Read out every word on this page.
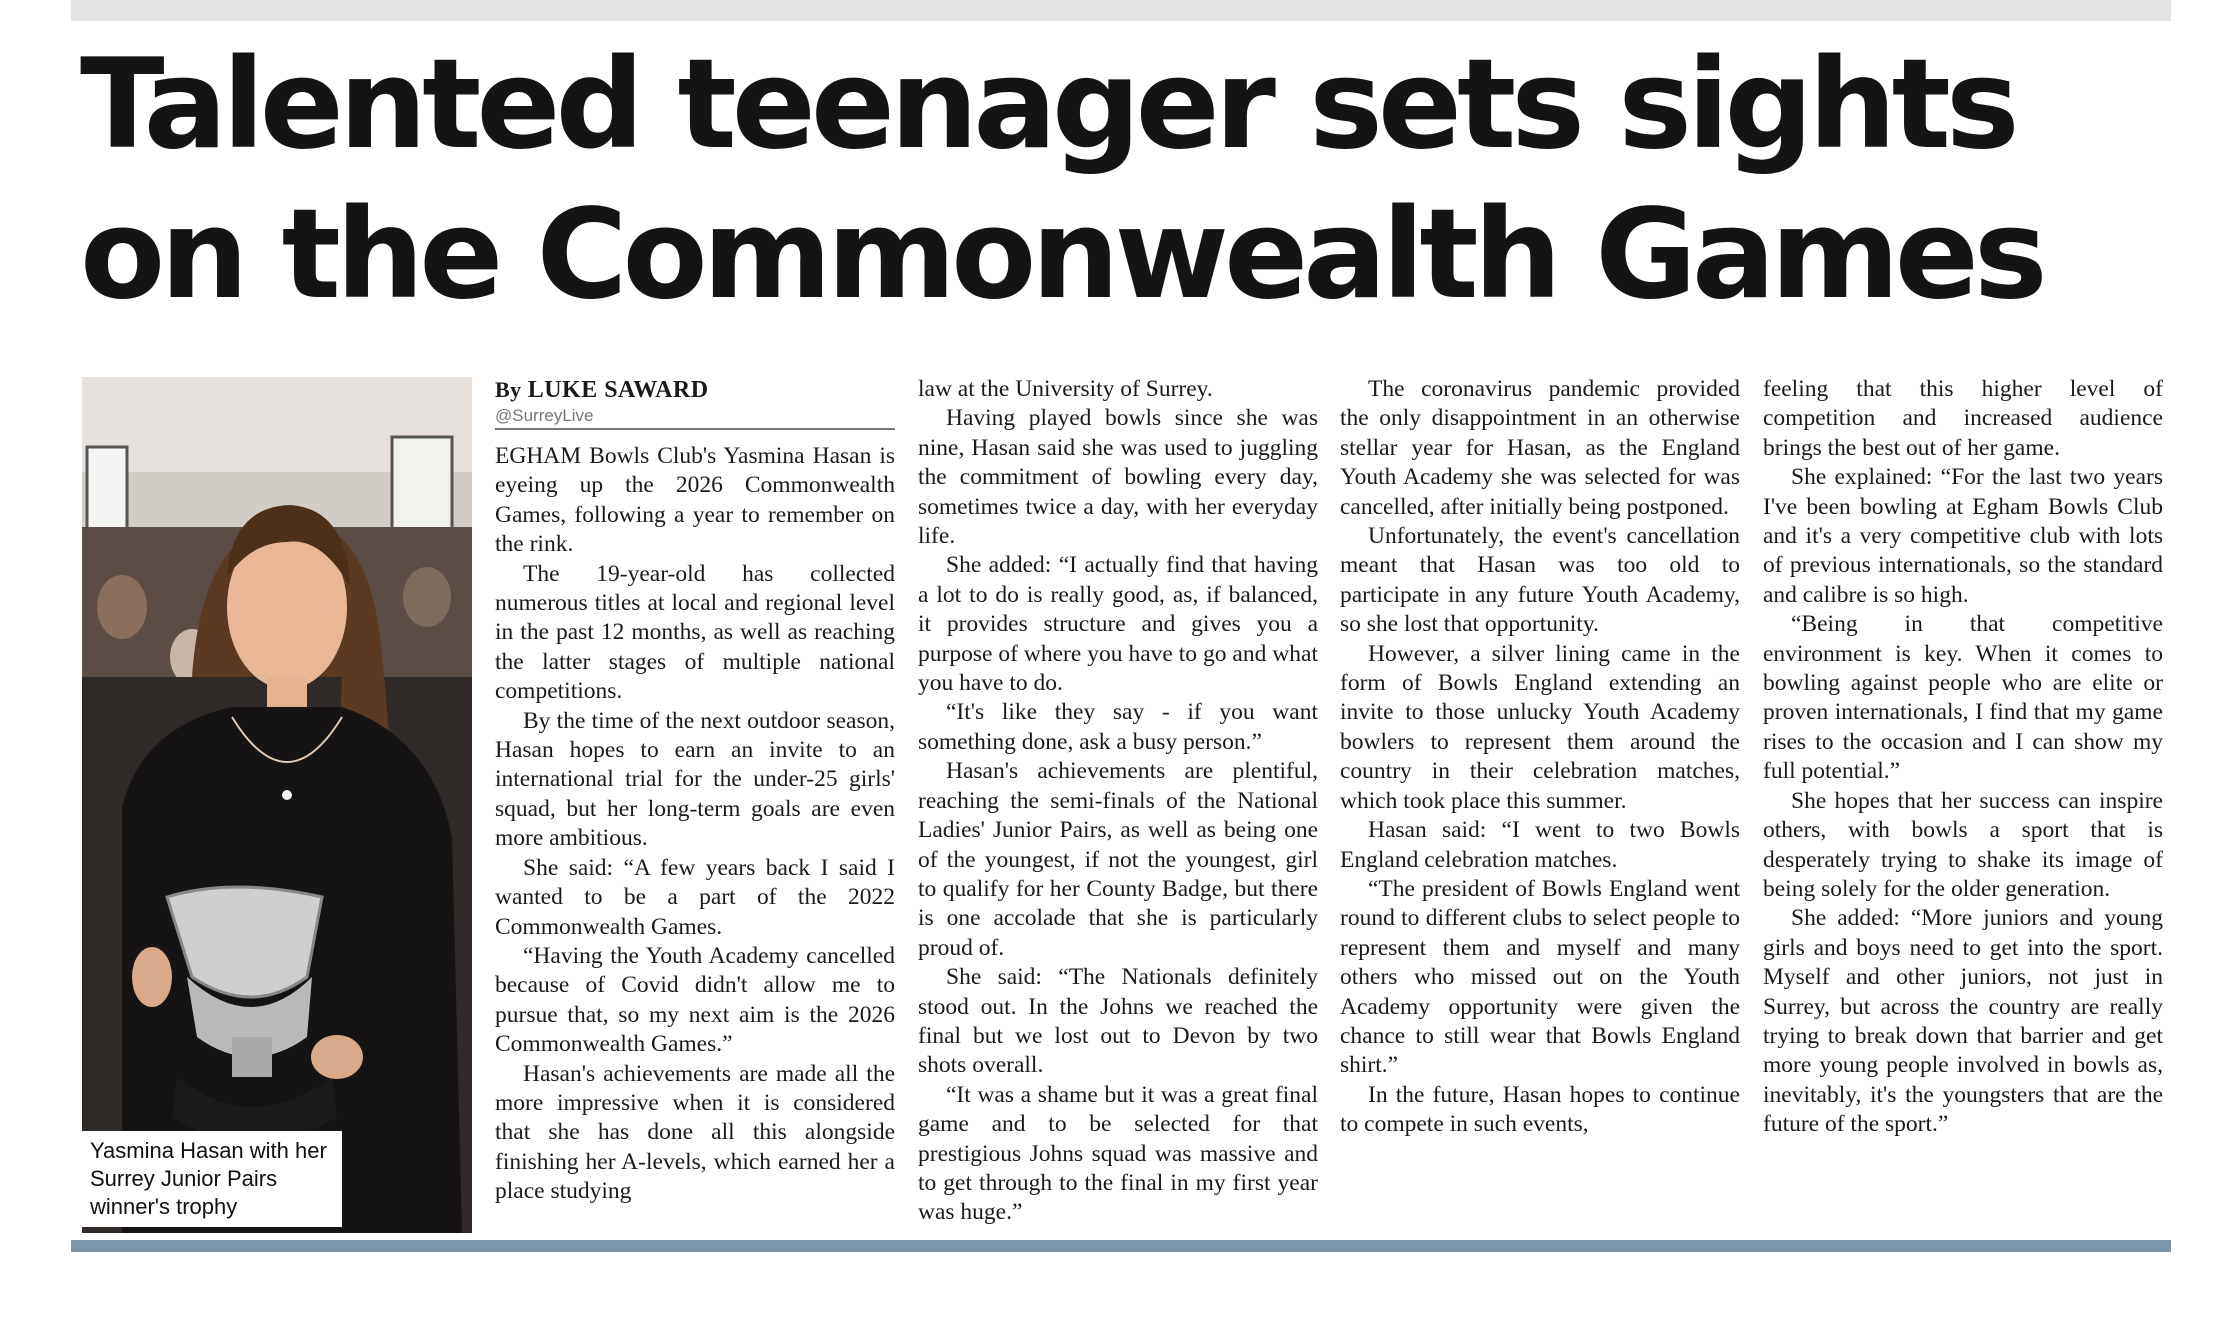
Talented teenager sets sights
on the Commonwealth Games
Yasmina Hasan with her Surrey Junior Pairs winner's trophy
By LUKE SAWARD
@SurreyLive

EGHAM Bowls Club's Yasmina Hasan is eyeing up the 2026 Commonwealth Games, following a year to remember on the rink.

The 19-year-old has collected numerous titles at local and regional level in the past 12 months, as well as reaching the latter stages of multiple national competitions.

By the time of the next outdoor season, Hasan hopes to earn an invite to an international trial for the under-25 girls' squad, but her long-term goals are even more ambitious.

She said: “A few years back I said I wanted to be a part of the 2022 Commonwealth Games.

“Having the Youth Academy cancelled because of Covid didn't allow me to pursue that, so my next aim is the 2026 Commonwealth Games.”

Hasan's achievements are made all the more impressive when it is considered that she has done all this alongside finishing her A-levels, which earned her a place studying

law at the University of Surrey.

Having played bowls since she was nine, Hasan said she was used to juggling the commitment of bowling every day, sometimes twice a day, with her everyday life.

She added: “I actually find that having a lot to do is really good, as, if balanced, it provides structure and gives you a purpose of where you have to go and what you have to do.

“It's like they say - if you want something done, ask a busy person.”

Hasan's achievements are plentiful, reaching the semi-finals of the National Ladies' Junior Pairs, as well as being one of the youngest, if not the youngest, girl to qualify for her County Badge, but there is one accolade that she is particularly proud of.

She said: “The Nationals definitely stood out. In the Johns we reached the final but we lost out to Devon by two shots overall.

“It was a shame but it was a great final game and to be selected for that prestigious Johns squad was massive and to get through to the final in my first year was huge.”

The coronavirus pandemic provided the only disappointment in an otherwise stellar year for Hasan, as the England Youth Academy she was selected for was cancelled, after initially being postponed.

Unfortunately, the event's cancellation meant that Hasan was too old to participate in any future Youth Academy, so she lost that opportunity.

However, a silver lining came in the form of Bowls England extending an invite to those unlucky Youth Academy bowlers to represent them around the country in their celebration matches, which took place this summer.

Hasan said: “I went to two Bowls England celebration matches.

“The president of Bowls England went round to different clubs to select people to represent them and myself and many others who missed out on the Youth Academy opportunity were given the chance to still wear that Bowls England shirt.”

In the future, Hasan hopes to continue to compete in such events,

feeling that this higher level of competition and increased audience brings the best out of her game.

She explained: “For the last two years I've been bowling at Egham Bowls Club and it's a very competitive club with lots of previous internationals, so the standard and calibre is so high.

“Being in that competitive environment is key. When it comes to bowling against people who are elite or proven internationals, I find that my game rises to the occasion and I can show my full potential.”

She hopes that her success can inspire others, with bowls a sport that is desperately trying to shake its image of being solely for the older generation.

She added: “More juniors and young girls and boys need to get into the sport. Myself and other juniors, not just in Surrey, but across the country are really trying to break down that barrier and get more young people involved in bowls as, inevitably, it's the youngsters that are the future of the sport.”
